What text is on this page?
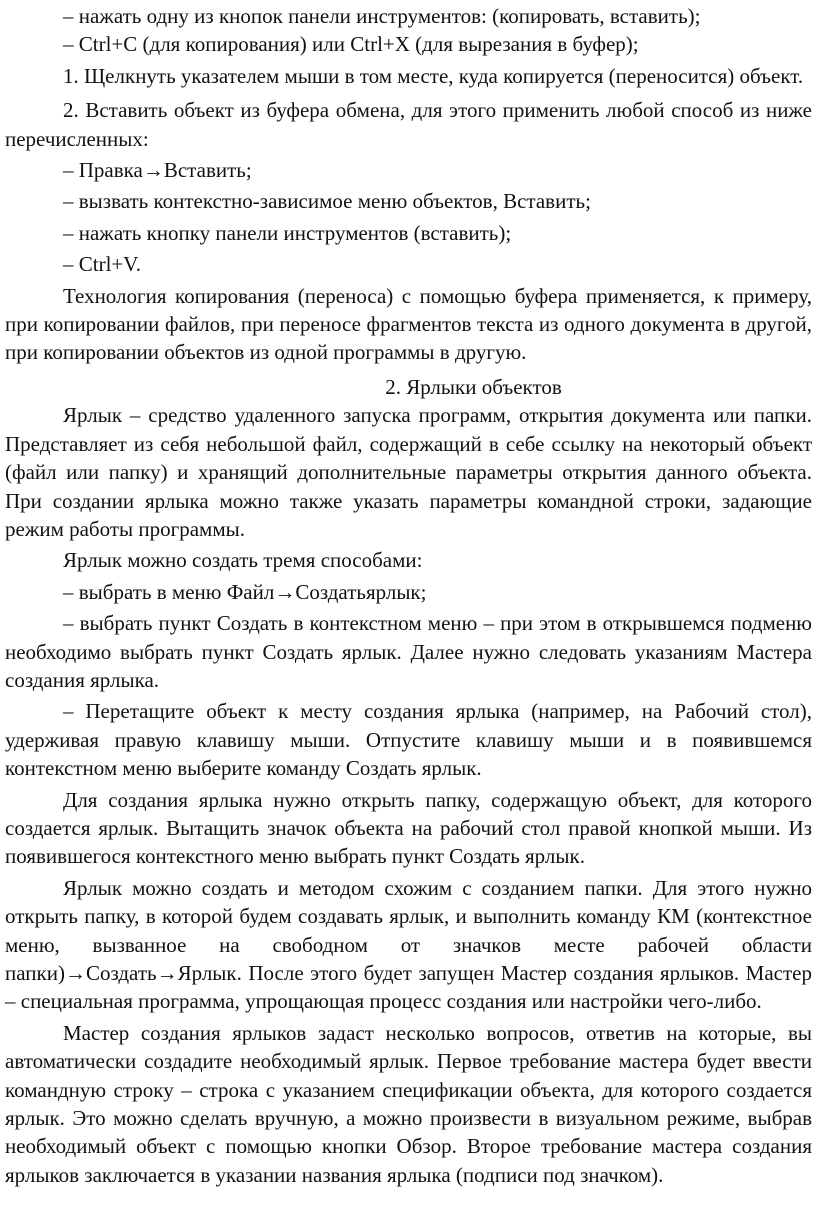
– нажать одну из кнопок панели инструментов: (копировать, вставить);

– Ctrl+C (для копирования) или Ctrl+X (для вырезания в буфер);

1. Щелкнуть указателем мыши в том месте, куда копируется (переносится) объект.

2. Вставить объект из буфера обмена, для этого применить любой способ из ниже перечисленных:

– Правка→Вставить;

– вызвать контекстно-зависимое меню объектов, Вставить;

– нажать кнопку панели инструментов (вставить);

– Ctrl+V.

Технология копирования (переноса) с помощью буфера применяется, к примеру, при копировании файлов, при переносе фрагментов текста из одного документа в другой, при копировании объектов из одной программы в другую.

2. Ярлыки объектов

Ярлык – средство удаленного запуска программ, открытия документа или папки. Представляет из себя небольшой файл, содержащий в себе ссылку на некоторый объект (файл или папку) и хранящий дополнительные параметры открытия данного объекта. При создании ярлыка можно также указать параметры командной строки, задающие режим работы программы.

Ярлык можно создать тремя способами:

– выбрать в меню Файл→Создатьярлык;

– выбрать пункт Создать в контекстном меню – при этом в открывшемся подменю необходимо выбрать пункт Создать ярлык. Далее нужно следовать указаниям Мастера создания ярлыка.

– Перетащите объект к месту создания ярлыка (например, на Рабочий стол), удерживая правую клавишу мыши. Отпустите клавишу мыши и в появившемся контекстном меню выберите команду Создать ярлык.

Для создания ярлыка нужно открыть папку, содержащую объект, для которого создается ярлык. Вытащить значок объекта на рабочий стол правой кнопкой мыши. Из появившегося контекстного меню выбрать пункт Создать ярлык.

Ярлык можно создать и методом схожим с созданием папки. Для этого нужно открыть папку, в которой будем создавать ярлык, и выполнить команду КМ (контекстное меню, вызванное на свободном от значков месте рабочей области папки)→Создать→Ярлык. После этого будет запущен Мастер создания ярлыков. Мастер – специальная программа, упрощающая процесс создания или настройки чего-либо.

Мастер создания ярлыков задаст несколько вопросов, ответив на которые, вы автоматически создадите необходимый ярлык. Первое требование мастера будет ввести командную строку – строка с указанием спецификации объекта, для которого создается ярлык. Это можно сделать вручную, а можно произвести в визуальном режиме, выбрав необходимый объект с помощью кнопки Обзор. Второе требование мастера создания ярлыков заключается в указании названия ярлыка (подписи под значком).
